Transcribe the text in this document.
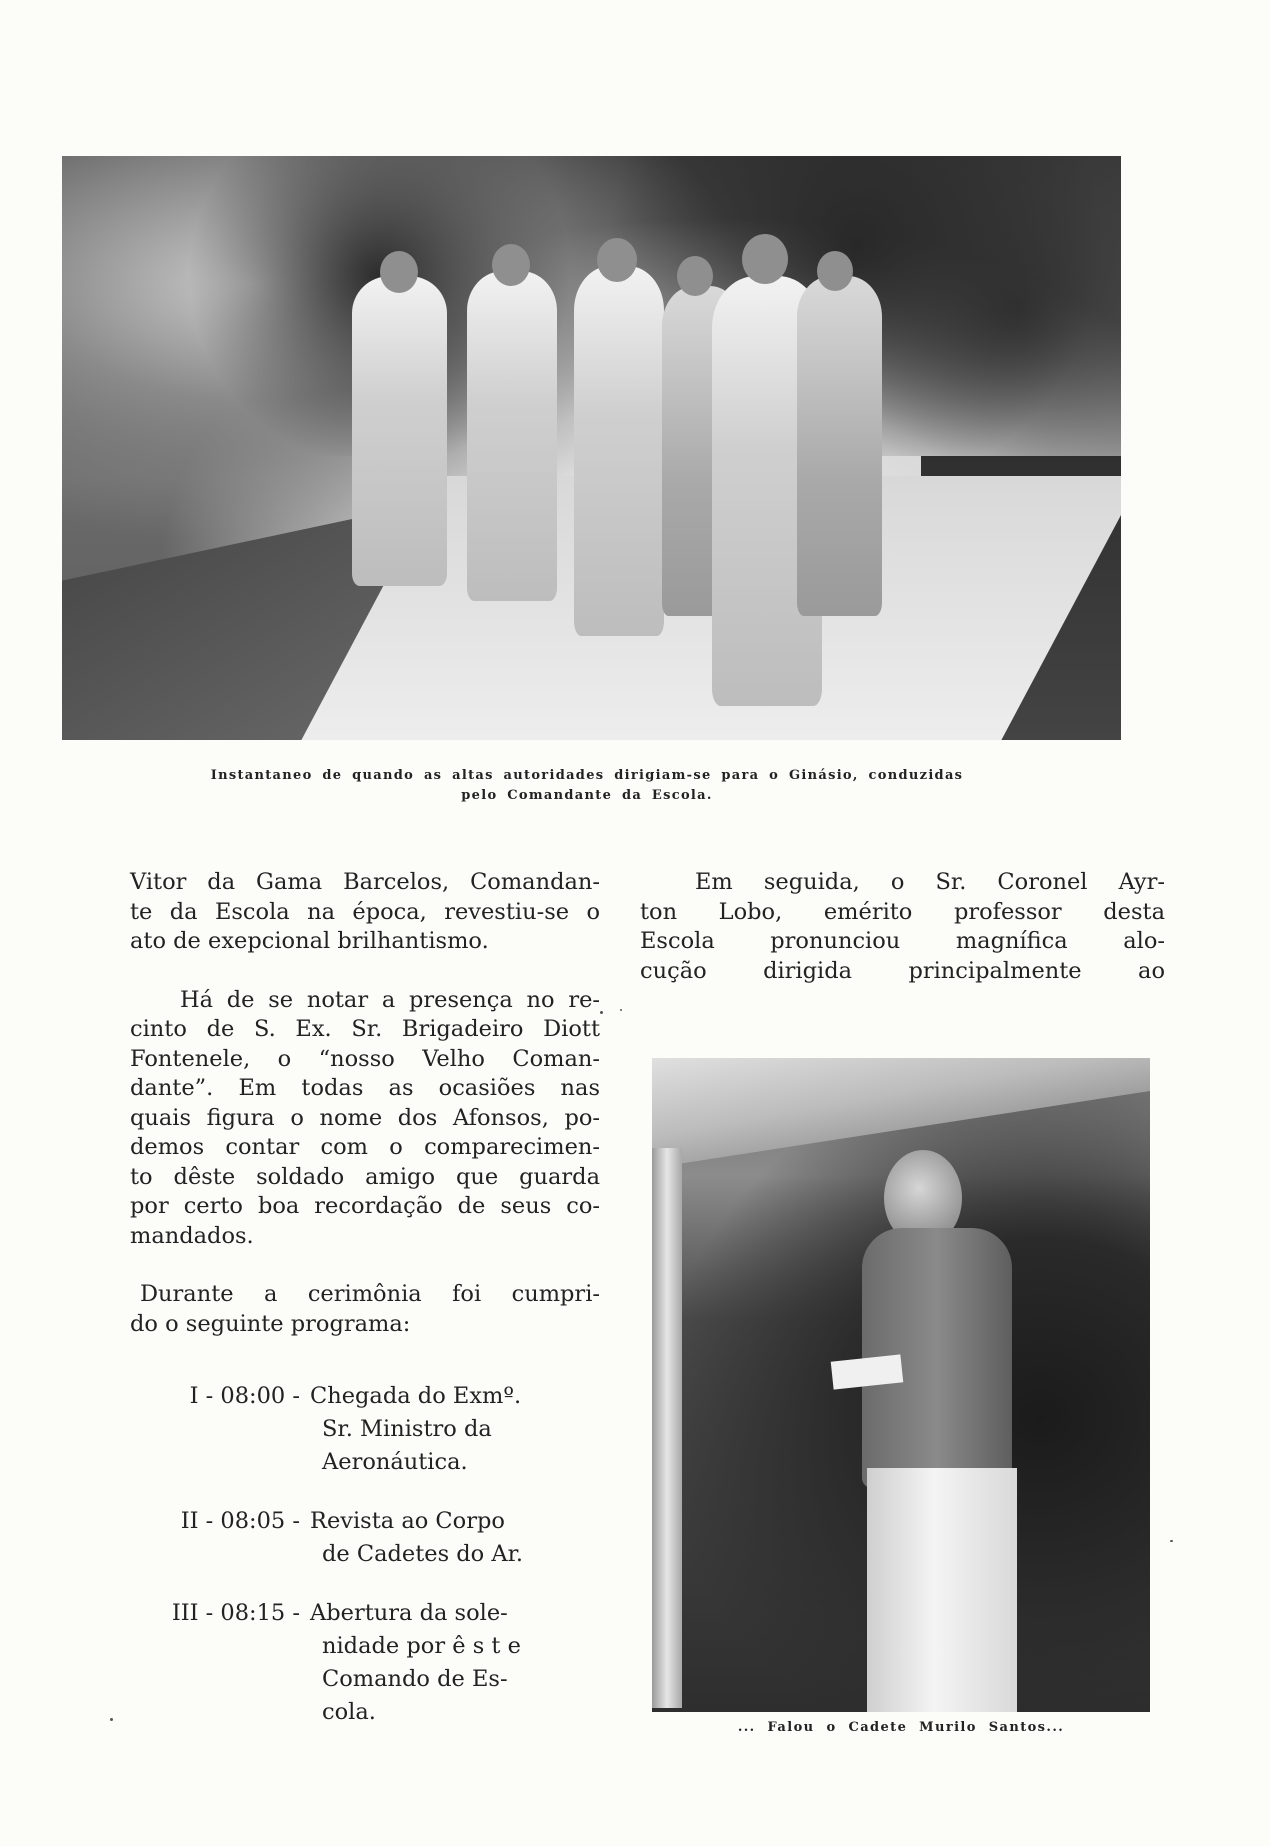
Instantaneo de quando as altas autoridades dirigiam-se para o Ginásio, conduzidas
pelo Comandante da Escola.

Vitor da Gama Barcelos, Comandan-
te da Escola na época, revestiu-se o
ato de exepcional brilhantismo.

Há de se notar a presença no re-
cinto de S. Ex. Sr. Brigadeiro Diott
Fontenele, o “nosso Velho Coman-
dante”. Em todas as ocasiões nas
quais figura o nome dos Afonsos, po-
demos contar com o comparecimen-
to dêste soldado amigo que guarda
por certo boa recordação de seus co-
mandados.

Durante a cerimônia foi cumpri-
do o seguinte programa:

I - 08:00 - Chegada do Exmº.
Sr. Ministro da
Aeronáutica.
II - 08:05 - Revista ao Corpo
de Cadetes do Ar.
III - 08:15 - Abertura da sole-
nidade por ê s t e
Comando de Es-
cola.

Em seguida, o Sr. Coronel Ayr-
ton Lobo, emérito professor desta
Escola pronunciou magnífica alo-
cução dirigida principalmente ao

... Falou o Cadete Murilo Santos...
